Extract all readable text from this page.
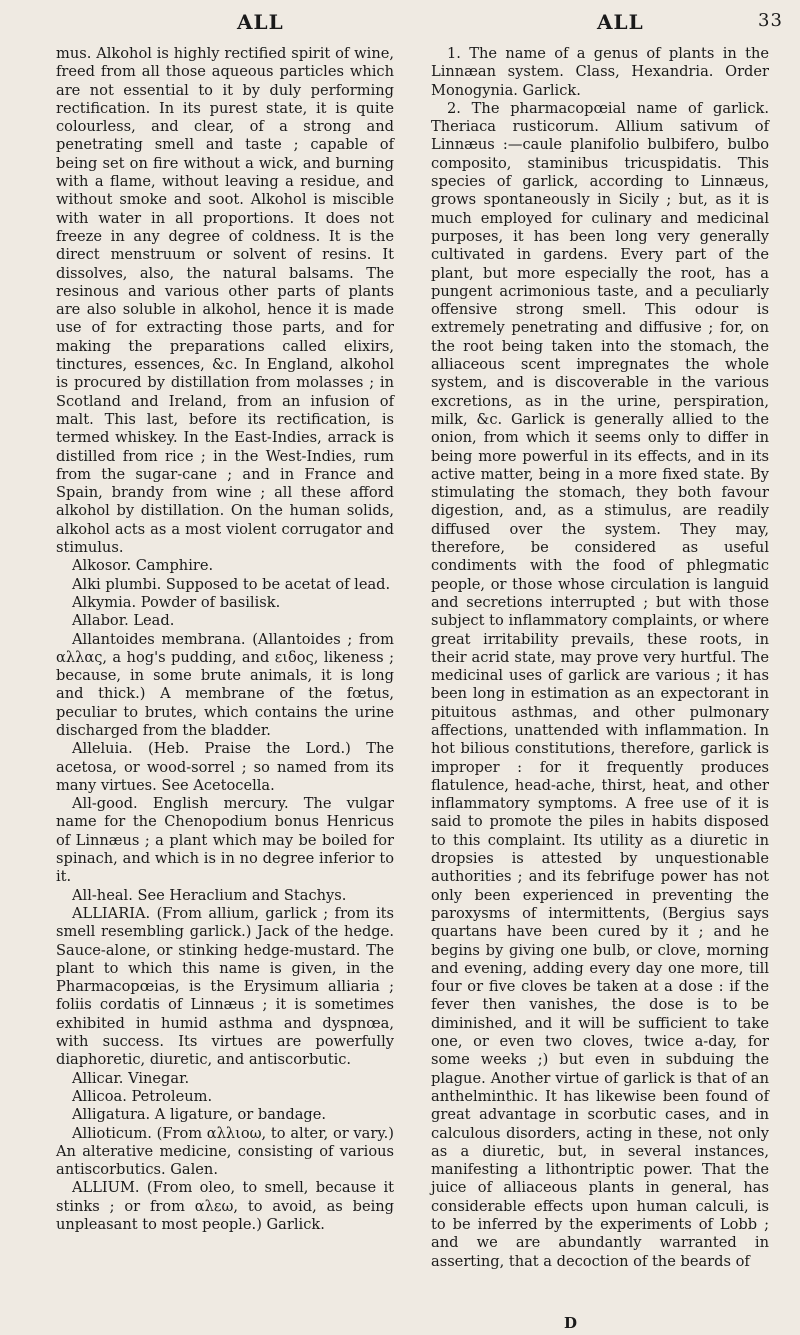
ALL	ALL	33

mus. Alkohol is highly rectified spirit of wine, freed from all those aqueous particles which are not essential to it by duly performing rectification. In its purest state, it is quite colourless, and clear, of a strong and penetrating smell and taste ; capable of being set on fire without a wick, and burning with a flame, without leaving a residue, and without smoke and soot. Alkohol is miscible with water in all proportions. It does not freeze in any degree of coldness. It is the direct menstruum or solvent of resins. It dissolves, also, the natural balsams. The resinous and various other parts of plants are also soluble in alkohol, hence it is made use of for extracting those parts, and for making the preparations called elixirs, tinctures, essences, &c. In England, alkohol is procured by distillation from molasses ; in Scotland and Ireland, from an infusion of malt. This last, before its rectification, is termed whiskey. In the East-Indies, arrack is distilled from rice ; in the West-Indies, rum from the sugar-cane ; and in France and Spain, brandy from wine ; all these afford alkohol by distillation. On the human solids, alkohol acts as a most violent corrugator and stimulus.

Alkosor. Camphire.

Alki plumbi. Supposed to be acetat of lead.

Alkymia. Powder of basilisk.

Allabor. Lead.

Allantoides membrana. (Allantoides ; from αλλας, a hog's pudding, and ειδος, likeness ; because, in some brute animals, it is long and thick.) A membrane of the fœtus, peculiar to brutes, which contains the urine discharged from the bladder.

Alleluia. (Heb. Praise the Lord.) The acetosa, or wood-sorrel ; so named from its many virtues. See Acetocella.

All-good. English mercury. The vulgar name for the Chenopodium bonus Henricus of Linnæus ; a plant which may be boiled for spinach, and which is in no degree inferior to it.

All-heal. See Heraclium and Stachys.

ALLIARIA. (From allium, garlick ; from its smell resembling garlick.) Jack of the hedge. Sauce-alone, or stinking hedge-mustard. The plant to which this name is given, in the Pharmacopœias, is the Erysimum alliaria ; foliis cordatis of Linnæus ; it is sometimes exhibited in humid asthma and dyspnœa, with success. Its virtues are powerfully diaphoretic, diuretic, and antiscorbutic.

Allicar. Vinegar.

Allicoa. Petroleum.

Alligatura. A ligature, or bandage.

Allioticum. (From αλλιοω, to alter, or vary.) An alterative medicine, consisting of various antiscorbutics. Galen.

ALLIUM. (From oleo, to smell, because it stinks ; or from αλεω, to avoid, as being unpleasant to most people.) Garlick.

1. The name of a genus of plants in the Linnæan system. Class, Hexandria. Order Monogynia. Garlick.

2. The pharmacopœial name of garlick. Theriaca rusticorum. Allium sativum of Linnæus :—caule planifolio bulbifero, bulbo composito, staminibus tricuspidatis. This species of garlick, according to Linnæus, grows spontaneously in Sicily ; but, as it is much employed for culinary and medicinal purposes, it has been long very generally cultivated in gardens. Every part of the plant, but more especially the root, has a pungent acrimonious taste, and a peculiarly offensive strong smell. This odour is extremely penetrating and diffusive ; for, on the root being taken into the stomach, the alliaceous scent impregnates the whole system, and is discoverable in the various excretions, as in the urine, perspiration, milk, &c. Garlick is generally allied to the onion, from which it seems only to differ in being more powerful in its effects, and in its active matter, being in a more fixed state. By stimulating the stomach, they both favour digestion, and, as a stimulus, are readily diffused over the system. They may, therefore, be considered as useful condiments with the food of phlegmatic people, or those whose circulation is languid and secretions interrupted ; but with those subject to inflammatory complaints, or where great irritability prevails, these roots, in their acrid state, may prove very hurtful. The medicinal uses of garlick are various ; it has been long in estimation as an expectorant in pituitous asthmas, and other pulmonary affections, unattended with inflammation. In hot bilious constitutions, therefore, garlick is improper : for it frequently produces flatulence, head-ache, thirst, heat, and other inflammatory symptoms. A free use of it is said to promote the piles in habits disposed to this complaint. Its utility as a diuretic in dropsies is attested by unquestionable authorities ; and its febrifuge power has not only been experienced in preventing the paroxysms of intermittents, (Bergius says quartans have been cured by it ; and he begins by giving one bulb, or clove, morning and evening, adding every day one more, till four or five cloves be taken at a dose : if the fever then vanishes, the dose is to be diminished, and it will be sufficient to take one, or even two cloves, twice a-day, for some weeks ;) but even in subduing the plague. Another virtue of garlick is that of an anthelminthic. It has likewise been found of great advantage in scorbutic cases, and in calculous disorders, acting in these, not only as a diuretic, but, in several instances, manifesting a lithontriptic power. That the juice of alliaceous plants in general, has considerable effects upon human calculi, is to be inferred by the experiments of Lobb ; and we are abundantly warranted in asserting, that a decoction of the beards of

D
